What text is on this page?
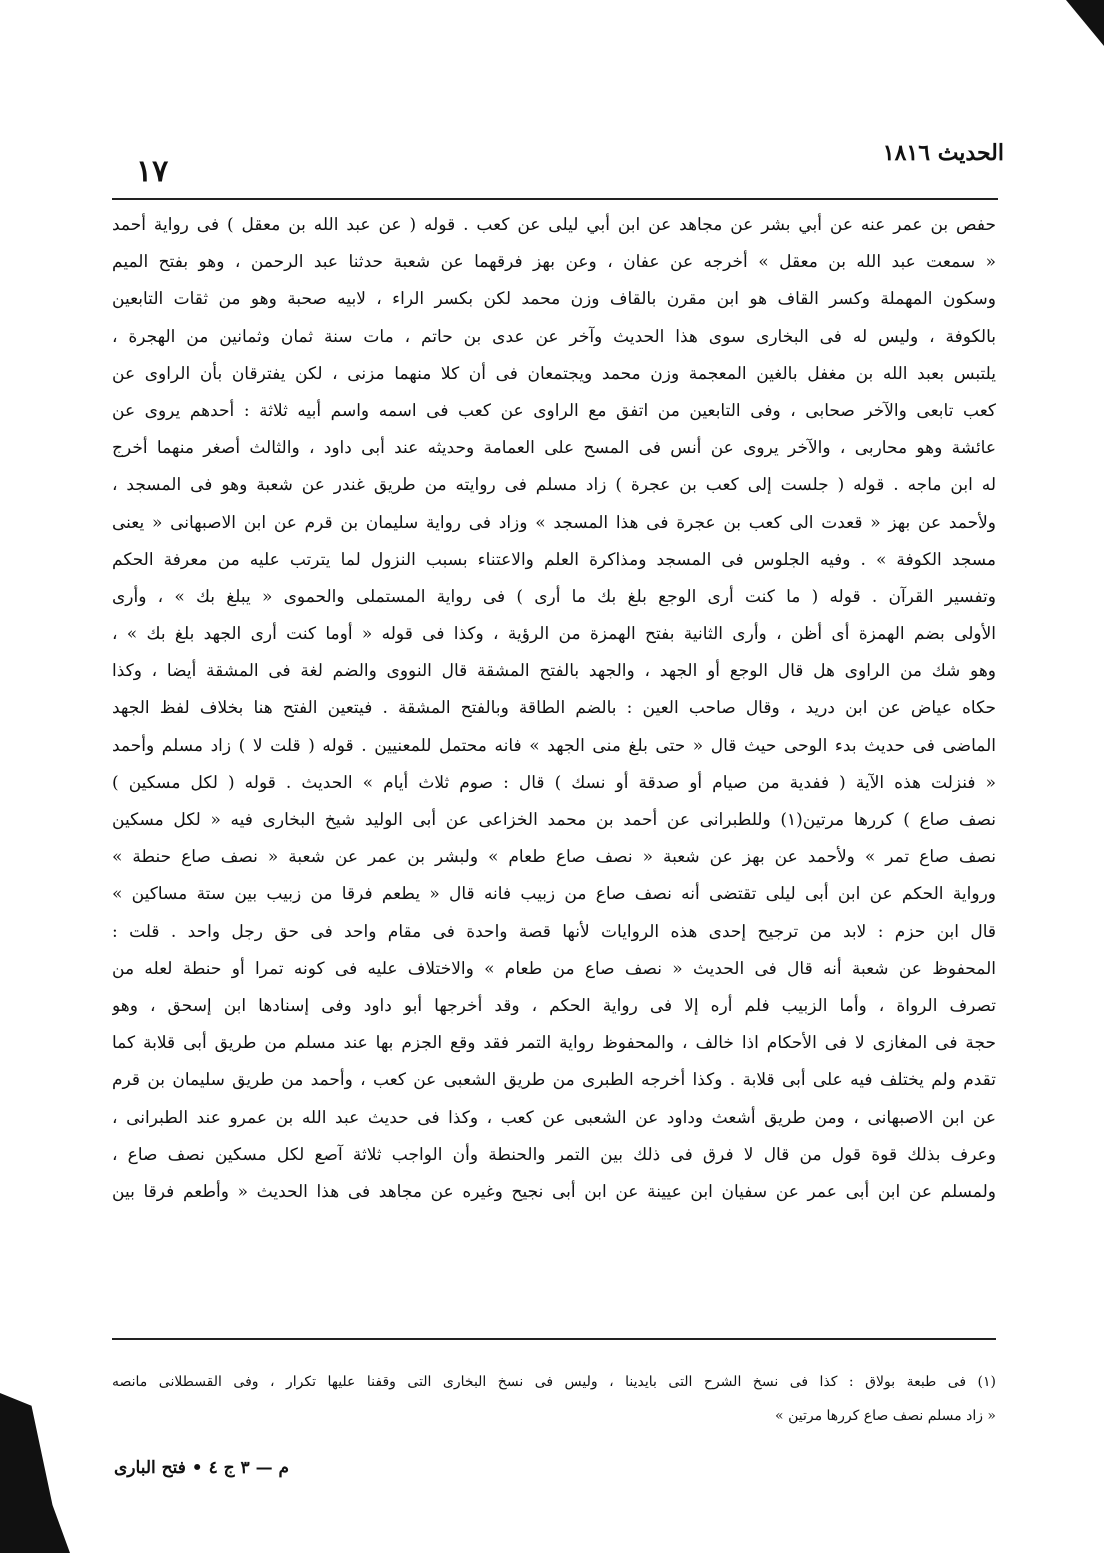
الحديث ١٨١٦
١٧
حفص بن عمر عنه عن أبي بشر عن مجاهد عن ابن أبي ليلى عن كعب . قوله ( عن عبد الله بن معقل ) فى رواية أحمد
« سمعت عبد الله بن معقل » أخرجه عن عفان ، وعن بهز فرقهما عن شعبة حدثنا عبد الرحمن ، وهو بفتح الميم
وسكون المهملة وكسر القاف هو ابن مقرن بالقاف وزن محمد لكن بكسر الراء ، لابيه صحبة وهو من ثقات التابعين
بالكوفة ، وليس له فى البخارى سوى هذا الحديث وآخر عن عدى بن حاتم ، مات سنة ثمان وثمانين من الهجرة ،
يلتبس بعبد الله بن مغفل بالغين المعجمة وزن محمد ويجتمعان فى أن كلا منهما مزنى ، لكن يفترقان بأن الراوى عن
كعب تابعى والآخر صحابى ، وفى التابعين من اتفق مع الراوى عن كعب فى اسمه واسم أبيه ثلاثة : أحدهم يروى عن
عائشة وهو محاربى ، والآخر يروى عن أنس فى المسح على العمامة وحديثه عند أبى داود ، والثالث أصغر منهما أخرج
له ابن ماجه . قوله ( جلست إلى كعب بن عجرة ) زاد مسلم فى روايته من طريق غندر عن شعبة وهو فى المسجد ،
ولأحمد عن بهز « قعدت الى كعب بن عجرة فى هذا المسجد » وزاد فى رواية سليمان بن قرم عن ابن الاصبهانى « يعنى
مسجد الكوفة » . وفيه الجلوس فى المسجد ومذاكرة العلم والاعتناء بسبب النزول لما يترتب عليه من معرفة الحكم
وتفسير القرآن . قوله ( ما كنت أرى الوجع بلغ بك ما أرى ) فى رواية المستملى والحموى « يبلغ بك » ، وأرى
الأولى بضم الهمزة أى أظن ، وأرى الثانية بفتح الهمزة من الرؤية ، وكذا فى قوله « أوما كنت أرى الجهد بلغ بك » ،
وهو شك من الراوى هل قال الوجع أو الجهد ، والجهد بالفتح المشقة قال النووى والضم لغة فى المشقة أيضا ، وكذا
حكاه عياض عن ابن دريد ، وقال صاحب العين : بالضم الطاقة وبالفتح المشقة . فيتعين الفتح هنا بخلاف لفظ الجهد
الماضى فى حديث بدء الوحى حيث قال « حتى بلغ منى الجهد » فانه محتمل للمعنيين . قوله ( قلت لا ) زاد مسلم وأحمد
« فنزلت هذه الآية ( ففدية من صيام أو صدقة أو نسك ) قال : صوم ثلاث أيام » الحديث . قوله ( لكل مسكين )
نصف صاع ) كررها مرتين(١) وللطبرانى عن أحمد بن محمد الخزاعى عن أبى الوليد شيخ البخارى فيه « لكل مسكين
نصف صاع تمر » ولأحمد عن بهز عن شعبة « نصف صاع طعام » ولبشر بن عمر عن شعبة « نصف صاع حنطة »
ورواية الحكم عن ابن أبى ليلى تقتضى أنه نصف صاع من زبيب فانه قال « يطعم فرقا من زبيب بين ستة مساكين »
قال ابن حزم : لابد من ترجيح إحدى هذه الروايات لأنها قصة واحدة فى مقام واحد فى حق رجل واحد . قلت :
المحفوظ عن شعبة أنه قال فى الحديث « نصف صاع من طعام » والاختلاف عليه فى كونه تمرا أو حنطة لعله من
تصرف الرواة ، وأما الزبيب فلم أره إلا فى رواية الحكم ، وقد أخرجها أبو داود وفى إسنادها ابن إسحق ، وهو
حجة فى المغازى لا فى الأحكام اذا خالف ، والمحفوظ رواية التمر فقد وقع الجزم بها عند مسلم من طريق أبى قلابة كما
تقدم ولم يختلف فيه على أبى قلابة . وكذا أخرجه الطبرى من طريق الشعبى عن كعب ، وأحمد من طريق سليمان بن قرم
عن ابن الاصبهانى ، ومن طريق أشعث وداود عن الشعبى عن كعب ، وكذا فى حديث عبد الله بن عمرو عند الطبرانى ،
وعرف بذلك قوة قول من قال لا فرق فى ذلك بين التمر والحنطة وأن الواجب ثلاثة آصع لكل مسكين نصف صاع ،
ولمسلم عن ابن أبى عمر عن سفيان ابن عيينة عن ابن أبى نجيح وغيره عن مجاهد فى هذا الحديث « وأطعم فرقا بين
(١) فى طبعة بولاق : كذا فى نسخ الشرح التى بايدينا ، وليس فى نسخ البخارى التى وقفنا عليها تكرار ، وفى القسطلانى مانصه
« زاد مسلم نصف صاع كررها مرتين »
م — ٣ ج ٤ • فتح البارى
